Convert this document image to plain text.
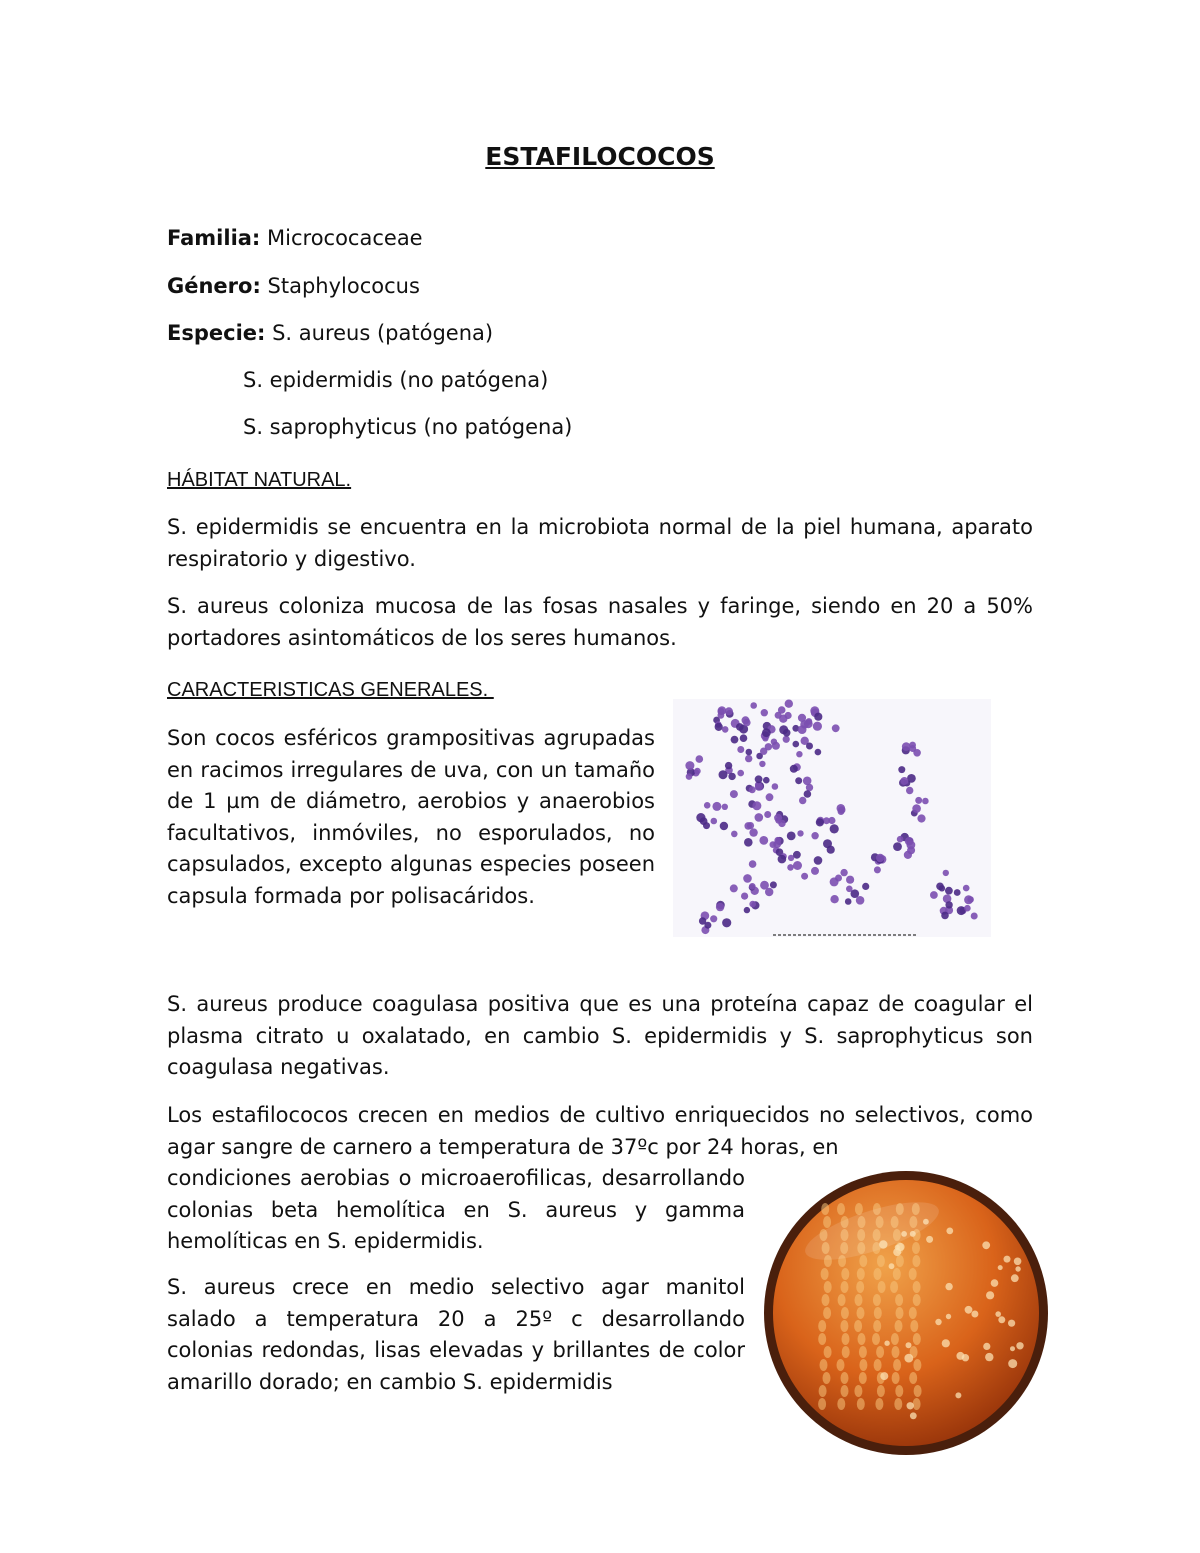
ESTAFILOCOCOS

Familia: Micrococaceae

Género: Staphylococus

Especie: S. aureus (patógena)

S. epidermidis (no patógena)

S. saprophyticus (no patógena)

HÁBITAT NATURAL.

S. epidermidis se encuentra en la microbiota normal de la piel humana, aparato respiratorio y digestivo.

S. aureus coloniza mucosa de las fosas nasales y faringe, siendo en 20 a 50% portadores asintomáticos de los seres humanos.

CARACTERISTICAS GENERALES.

Son cocos esféricos grampositivas agrupadas en racimos irregulares de uva, con un tamaño de 1 µm de diámetro, aerobios y anaerobios facultativos, inmóviles, no esporulados, no capsulados, excepto algunas especies poseen capsula formada por polisacáridos.

S. aureus produce coagulasa positiva que es una proteína capaz de coagular el plasma citrato u oxalatado, en cambio S. epidermidis y S. saprophyticus son coagulasa negativas.

Los estafilococos crecen en medios de cultivo enriquecidos no selectivos, como agar sangre de carnero a temperatura de 37ºc por 24 horas, en

condiciones aerobias o microaerofilicas, desarrollando colonias beta hemolítica en S. aureus y gamma hemolíticas en S. epidermidis.

S. aureus crece en medio selectivo agar manitol salado a temperatura 20 a 25º c desarrollando colonias redondas, lisas elevadas y brillantes de color amarillo dorado; en cambio S. epidermidis
